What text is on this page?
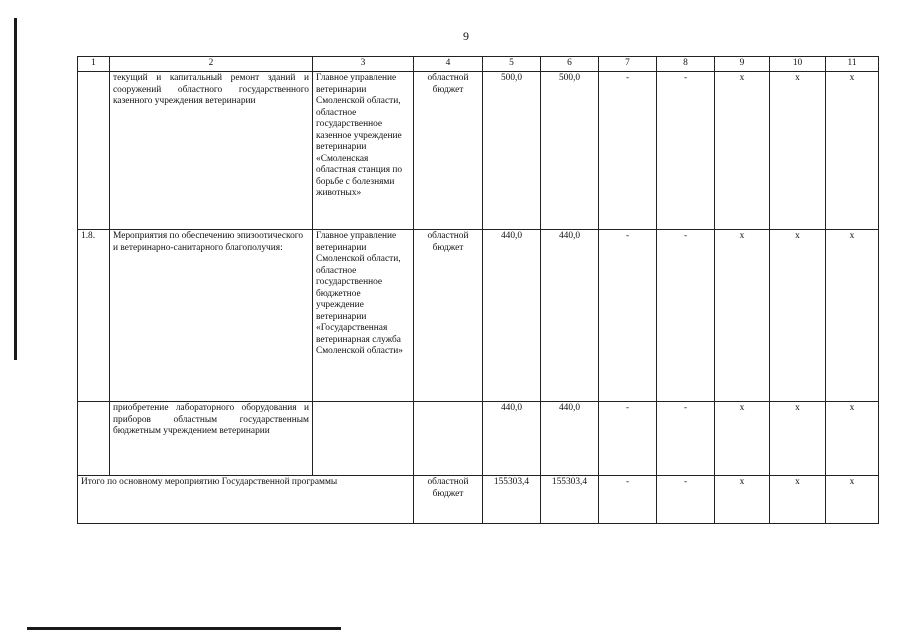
9
1	2	3	4	5	6	7	8	9	10	11
	текущий и капитальный ремонт зданий и сооружений областного государственного казенного учреждения ветеринарии	Главное управление ветеринарии Смоленской области, областное государственное казенное учреждение ветеринарии «Смоленская областная станция по борьбе с болезнями животных»	областной бюджет	500,0	500,0	-	-	x	x	x
1.8.	Мероприятия по обеспечению эпизоотического и ветеринарно-санитарного благополучия:	Главное управление ветеринарии Смоленской области, областное государственное бюджетное учреждение ветеринарии «Государственная ветеринарная служба Смоленской области»	областной бюджет	440,0	440,0	-	-	x	x	x
	приобретение лабораторного оборудования и приборов областным государственным бюджетным учреждением ветеринарии			440,0	440,0	-	-	x	x	x
Итого по основному мероприятию Государственной программы			областной бюджет	155303,4	155303,4	-	-	x	x	x
